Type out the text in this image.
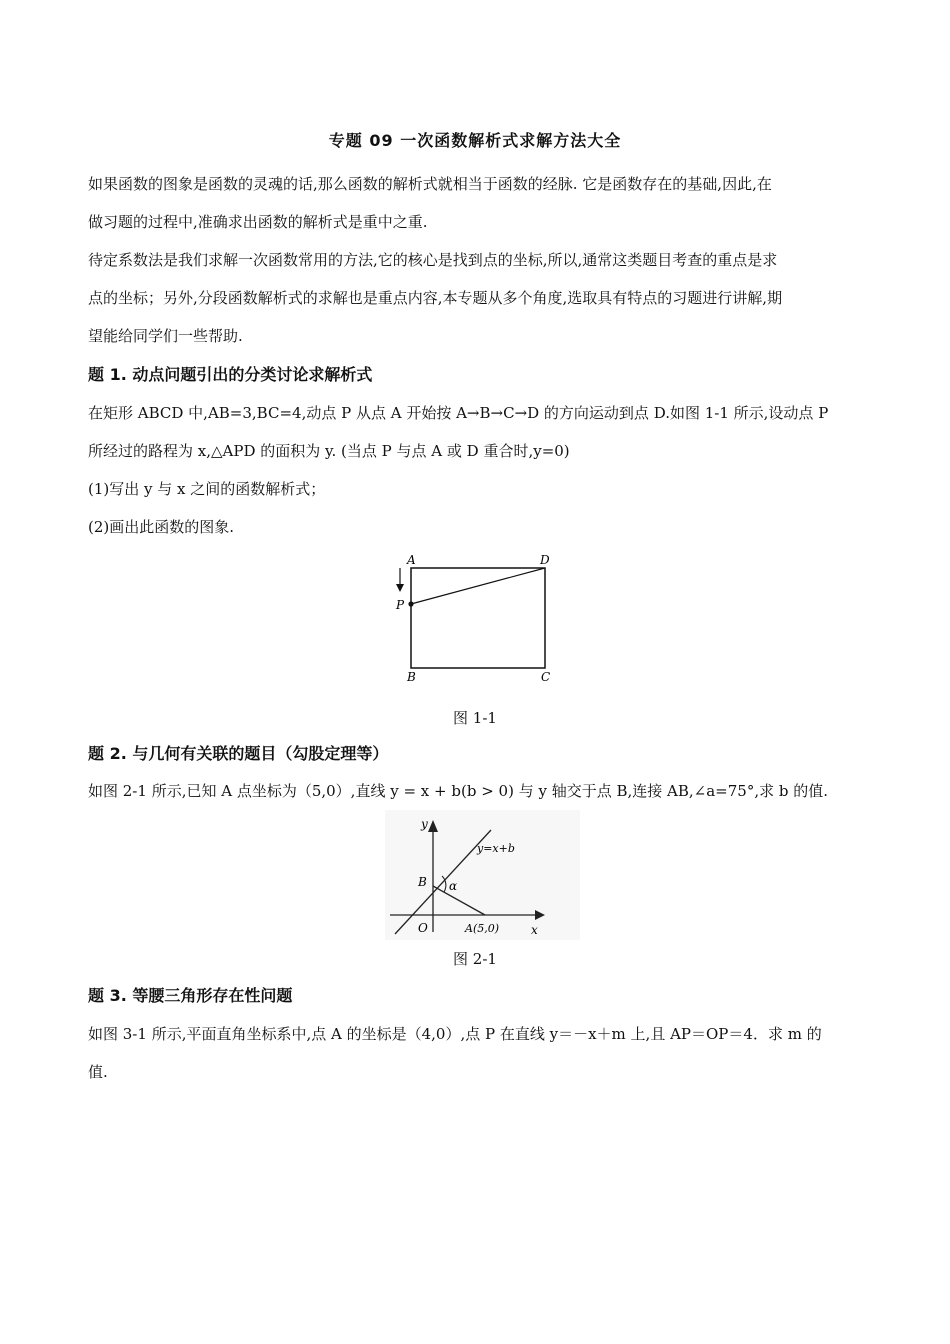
专题 09 一次函数解析式求解方法大全
如果函数的图象是函数的灵魂的话,那么函数的解析式就相当于函数的经脉. 它是函数存在的基础,因此,在
做习题的过程中,准确求出函数的解析式是重中之重.
待定系数法是我们求解一次函数常用的方法,它的核心是找到点的坐标,所以,通常这类题目考查的重点是求
点的坐标；另外,分段函数解析式的求解也是重点内容,本专题从多个角度,选取具有特点的习题进行讲解,期
望能给同学们一些帮助.
题 1. 动点问题引出的分类讨论求解析式
在矩形 ABCD 中,AB=3,BC=4,动点 P 从点 A 开始按 A→B→C→D 的方向运动到点 D.如图 1-1 所示,设动点 P
所经过的路程为 x,△APD 的面积为 y. (当点 P 与点 A 或 D 重合时,y=0)
(1)写出 y 与 x 之间的函数解析式；
(2)画出此函数的图象.
A	D
P
B	C
图 1-1
题 2. 与几何有关联的题目（勾股定理等）
如图 2-1 所示,已知 A 点坐标为（5,0）,直线 y = x + b(b > 0) 与 y 轴交于点 B,连接 AB,∠a=75°,求 b 的值.
y
y=x+b
B α
O	A(5,0)	x
图 2-1
题 3. 等腰三角形存在性问题
如图 3-1 所示,平面直角坐标系中,点 A 的坐标是（4,0）,点 P 在直线 y＝－x＋m 上,且 AP＝OP＝4．求 m 的
值.
